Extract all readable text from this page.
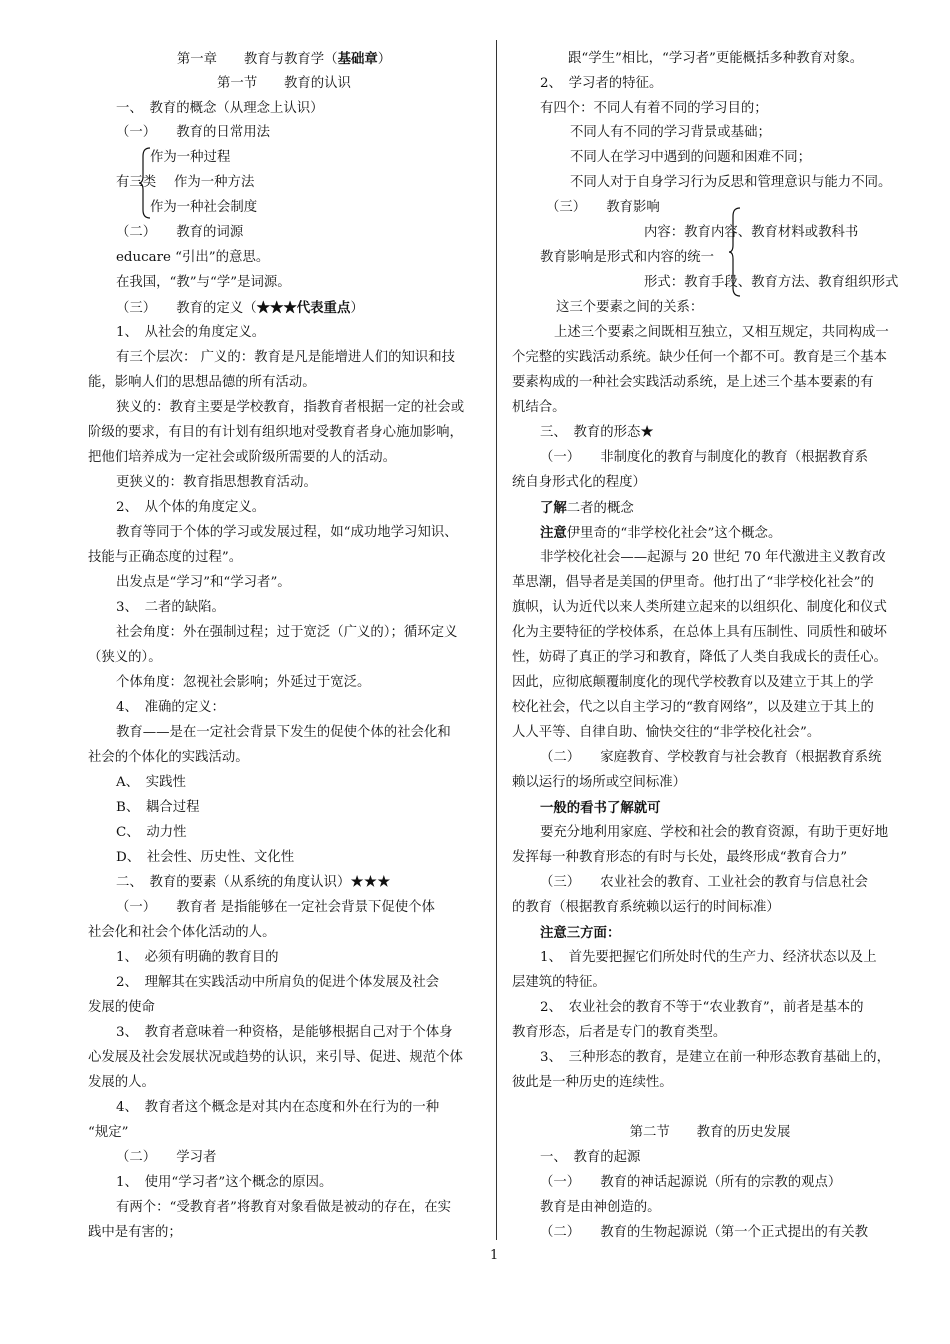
第一章　　教育与教育学（基础章）
第一节　　教育的认识
一、　教育的概念（从理念上认识）
（一）　　教育的日常用法
作为一种过程
有三类 作为一种方法
作为一种社会制度
（二）　　教育的词源
educare “引出”的意思。
在我国，“教”与“学”是词源。
（三）　　教育的定义（★★★代表重点）
1、　从社会的角度定义。
有三个层次： 广义的：教育是凡是能增进人们的知识和技
能，影响人们的思想品德的所有活动。
狭义的：教育主要是学校教育，指教育者根据一定的社会或
阶级的要求，有目的有计划有组织地对受教育者身心施加影响，
把他们培养成为一定社会或阶级所需要的人的活动。
更狭义的：教育指思想教育活动。
2、　从个体的角度定义。
教育等同于个体的学习或发展过程，如“成功地学习知识、
技能与正确态度的过程”。
出发点是“学习”和“学习者”。
3、　二者的缺陷。
社会角度：外在强制过程；过于宽泛（广义的）；循环定义
（狭义的）。
个体角度：忽视社会影响；外延过于宽泛。
4、　准确的定义：
教育——是在一定社会背景下发生的促使个体的社会化和
社会的个体化的实践活动。
A、　实践性
B、　耦合过程
C、　动力性
D、　社会性、历史性、文化性
二、　教育的要素（从系统的角度认识）★★★
（一）　　教育者 是指能够在一定社会背景下促使个体
社会化和社会个体化活动的人。
1、　必须有明确的教育目的
2、　理解其在实践活动中所肩负的促进个体发展及社会
发展的使命
3、　教育者意味着一种资格，是能够根据自己对于个体身
心发展及社会发展状况或趋势的认识，来引导、促进、规范个体
发展的人。
4、　教育者这个概念是对其内在态度和外在行为的一种
“规定”
（二）　　学习者
1、　使用“学习者”这个概念的原因。
有两个：“受教育者”将教育对象看做是被动的存在，在实
践中是有害的；
跟“学生”相比，“学习者”更能概括多种教育对象。
2、　学习者的特征。
有四个：不同人有着不同的学习目的；
不同人有不同的学习背景或基础；
不同人在学习中遇到的问题和困难不同；
不同人对于自身学习行为反思和管理意识与能力不同。
（三）　　教育影响
内容：教育内容、教育材料或教科书
教育影响是形式和内容的统一
形式：教育手段、教育方法、教育组织形式
这三个要素之间的关系：
上述三个要素之间既相互独立，又相互规定，共同构成一
个完整的实践活动系统。缺少任何一个都不可。教育是三个基本
要素构成的一种社会实践活动系统，是上述三个基本要素的有
机结合。
三、　教育的形态★
（一）　　非制度化的教育与制度化的教育（根据教育系
统自身形式化的程度）
了解二者的概念
注意伊里奇的“非学校化社会”这个概念。
非学校化社会——起源与 20 世纪 70 年代激进主义教育改
革思潮，倡导者是美国的伊里奇。他打出了“非学校化社会”的
旗帜，认为近代以来人类所建立起来的以组织化、制度化和仪式
化为主要特征的学校体系，在总体上具有压制性、同质性和破坏
性，妨碍了真正的学习和教育，降低了人类自我成长的责任心。
因此，应彻底颠覆制度化的现代学校教育以及建立于其上的学
校化社会，代之以自主学习的“教育网络”，以及建立于其上的
人人平等、自律自助、愉快交往的“非学校化社会”。
（二）　　家庭教育、学校教育与社会教育（根据教育系统
赖以运行的场所或空间标准）
一般的看书了解就可
要充分地利用家庭、学校和社会的教育资源，有助于更好地
发挥每一种教育形态的有时与长处，最终形成“教育合力”
（三）　　农业社会的教育、工业社会的教育与信息社会
的教育（根据教育系统赖以运行的时间标准）
注意三方面：
1、　首先要把握它们所处时代的生产力、经济状态以及上
层建筑的特征。
2、　农业社会的教育不等于“农业教育”，前者是基本的
教育形态，后者是专门的教育类型。
3、　三种形态的教育，是建立在前一种形态教育基础上的，
彼此是一种历史的连续性。
第二节　　教育的历史发展
一、　教育的起源
（一）　　教育的神话起源说（所有的宗教的观点）
教育是由神创造的。
（二）　　教育的生物起源说（第一个正式提出的有关教
1
